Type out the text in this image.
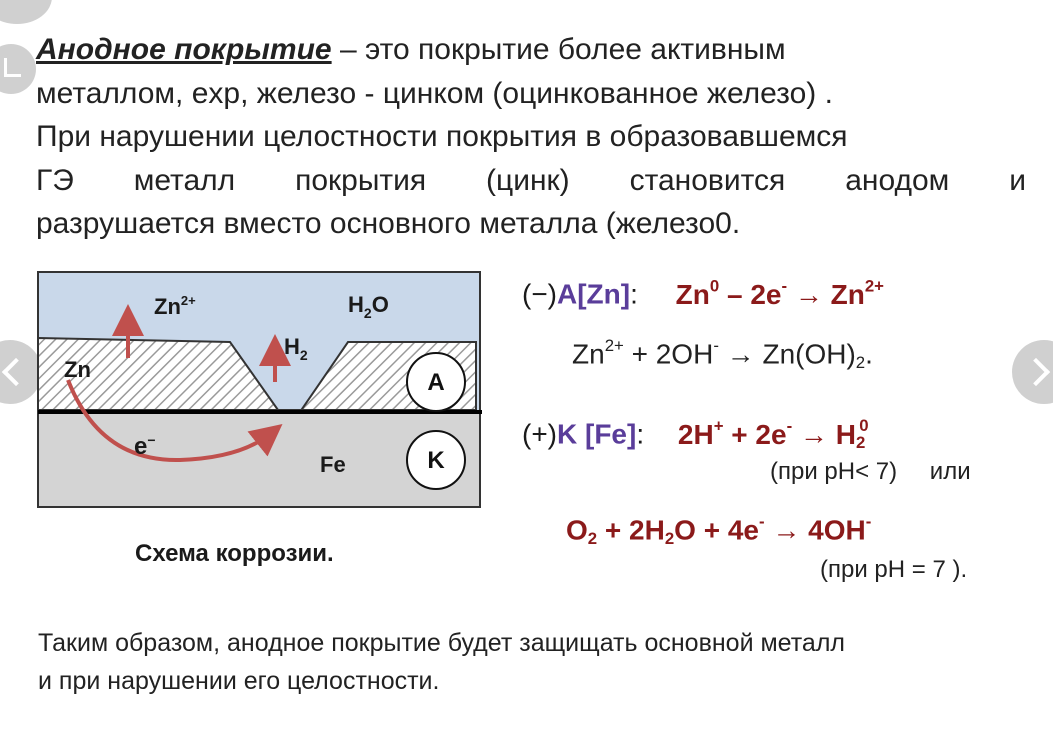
Анодное покрытие – это покрытие более активным
металлом, exp, железо - цинком (оцинкованное железо) .
При нарушении целостности покрытия в образовавшемся
ГЭ металл покрытия (цинк) становится анодом и
разрушается вместо основного металла (железо0.
$Zn^{2+}$	$H_2O$
$H_2$
Zn
e−
Fe
A
K
Схема коррозии.
(−)A[Zn]: $Zn^0 - 2e^- \to Zn^{2+}$
$Zn^{2+} + 2OH^- \to Zn(OH)_2$.
(+)K [Fe]: $2H^+ + 2e^- \to H_2^0$
(при pH< 7) или
$O_2 + 2H_2O + 4e^- \to 4OH^-$
(при pH = 7 ).
Таким образом, анодное покрытие будет защищать основной металл
и при нарушении его целостности.
